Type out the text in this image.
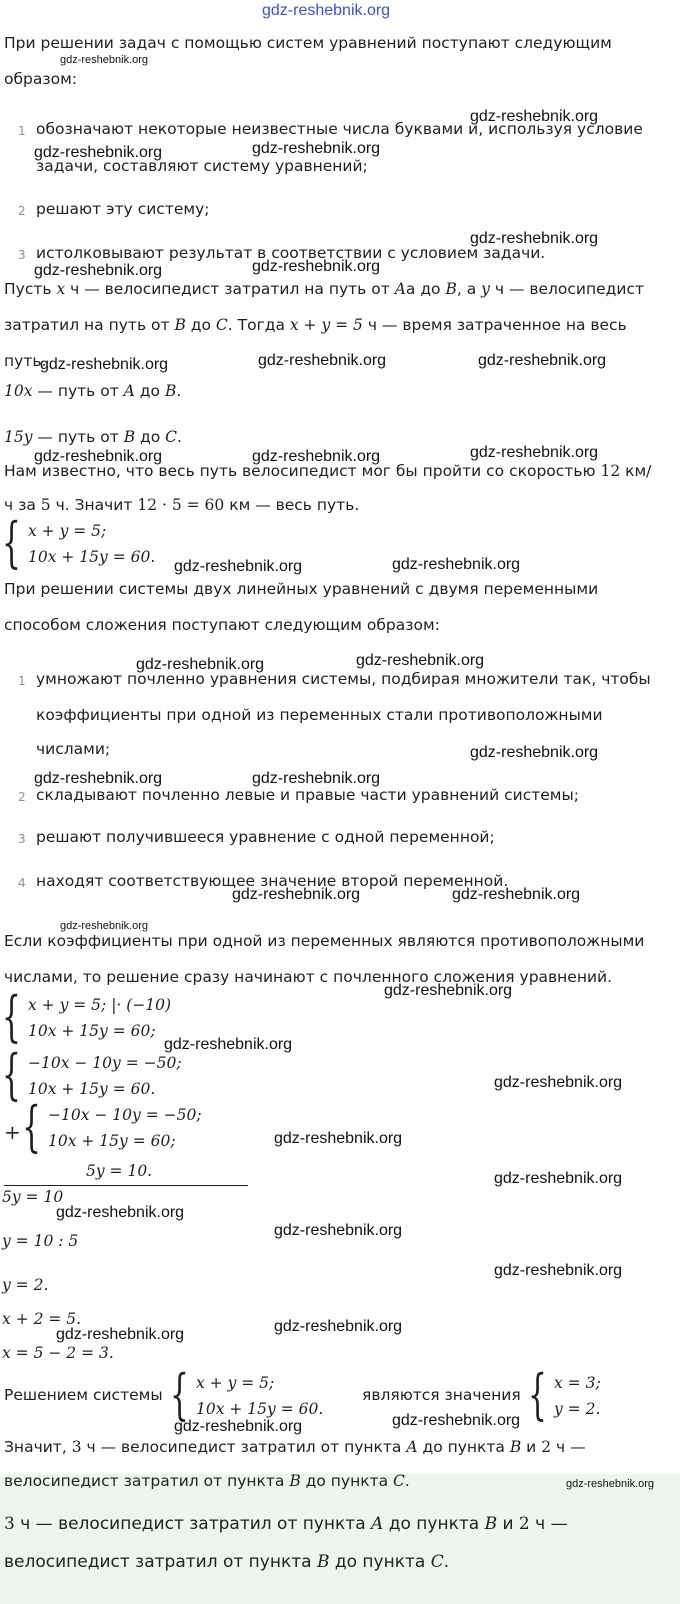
gdz-reshebnik.org
При решении задач с помощью систем уравнений поступают следующим
образом:
1 обозначают некоторые неизвестные числа буквами и, используя условие
задачи, составляют систему уравнений;
2 решают эту систему;
3 истолковывают результат в соответствии с условием задачи.
Пусть x ч — велосипедист затратил на путь от Aа до B, а y ч — велосипедист
затратил на путь от B до C. Тогда x + y = 5 ч — время затраченное на весь
путь.
10x — путь от A до B.
15y — путь от B до C.
Нам известно, что весь путь велосипедист мог бы пройти со скоростью 12 км/
ч за 5 ч. Значит 12 · 5 = 60 км — весь путь.
{ x + y = 5;
10x + 15y = 60.
При решении системы двух линейных уравнений с двумя переменными
способом сложения поступают следующим образом:
1 умножают почленно уравнения системы, подбирая множители так, чтобы
коэффициенты при одной из переменных стали противоположными
числами;
2 складывают почленно левые и правые части уравнений системы;
3 решают получившееся уравнение с одной переменной;
4 находят соответствующее значение второй переменной.
Если коэффициенты при одной из переменных являются противоположными
числами, то решение сразу начинают с почленного сложения уравнений.
{ x + y = 5; |· (−10)
10x + 15y = 60;
{ −10x − 10y = −50;
10x + 15y = 60.
+ { −10x − 10y = −50;
10x + 15y = 60;
5y = 10.
5y = 10
y = 10 : 5
y = 2.
x + 2 = 5.
x = 5 − 2 = 3.
Решением системы { x + y = 5;
10x + 15y = 60.
являются значения { x = 3;
y = 2.
Значит, 3 ч — велосипедист затратил от пункта A до пункта B и 2 ч —
велосипедист затратил от пункта B до пункта C.
3 ч — велосипедист затратил от пункта A до пункта B и 2 ч —
велосипедист затратил от пункта B до пункта C.
gdz-reshebnik.org
gdz-reshebnik.org
gdz-reshebnik.org	gdz-reshebnik.org
gdz-reshebnik.org
gdz-reshebnik.org	gdz-reshebnik.org
gdz-reshebnik.org	gdz-reshebnik.org	gdz-reshebnik.org
gdz-reshebnik.org	gdz-reshebnik.org	gdz-reshebnik.org
gdz-reshebnik.org	gdz-reshebnik.org
gdz-reshebnik.org	gdz-reshebnik.org
gdz-reshebnik.org
gdz-reshebnik.org	gdz-reshebnik.org
gdz-reshebnik.org	gdz-reshebnik.org
gdz-reshebnik.org
gdz-reshebnik.org
gdz-reshebnik.org
gdz-reshebnik.org
gdz-reshebnik.org
gdz-reshebnik.org
gdz-reshebnik.org
gdz-reshebnik.org
gdz-reshebnik.org
gdz-reshebnik.org
gdz-reshebnik.org
gdz-reshebnik.org	gdz-reshebnik.org
gdz-reshebnik.org
